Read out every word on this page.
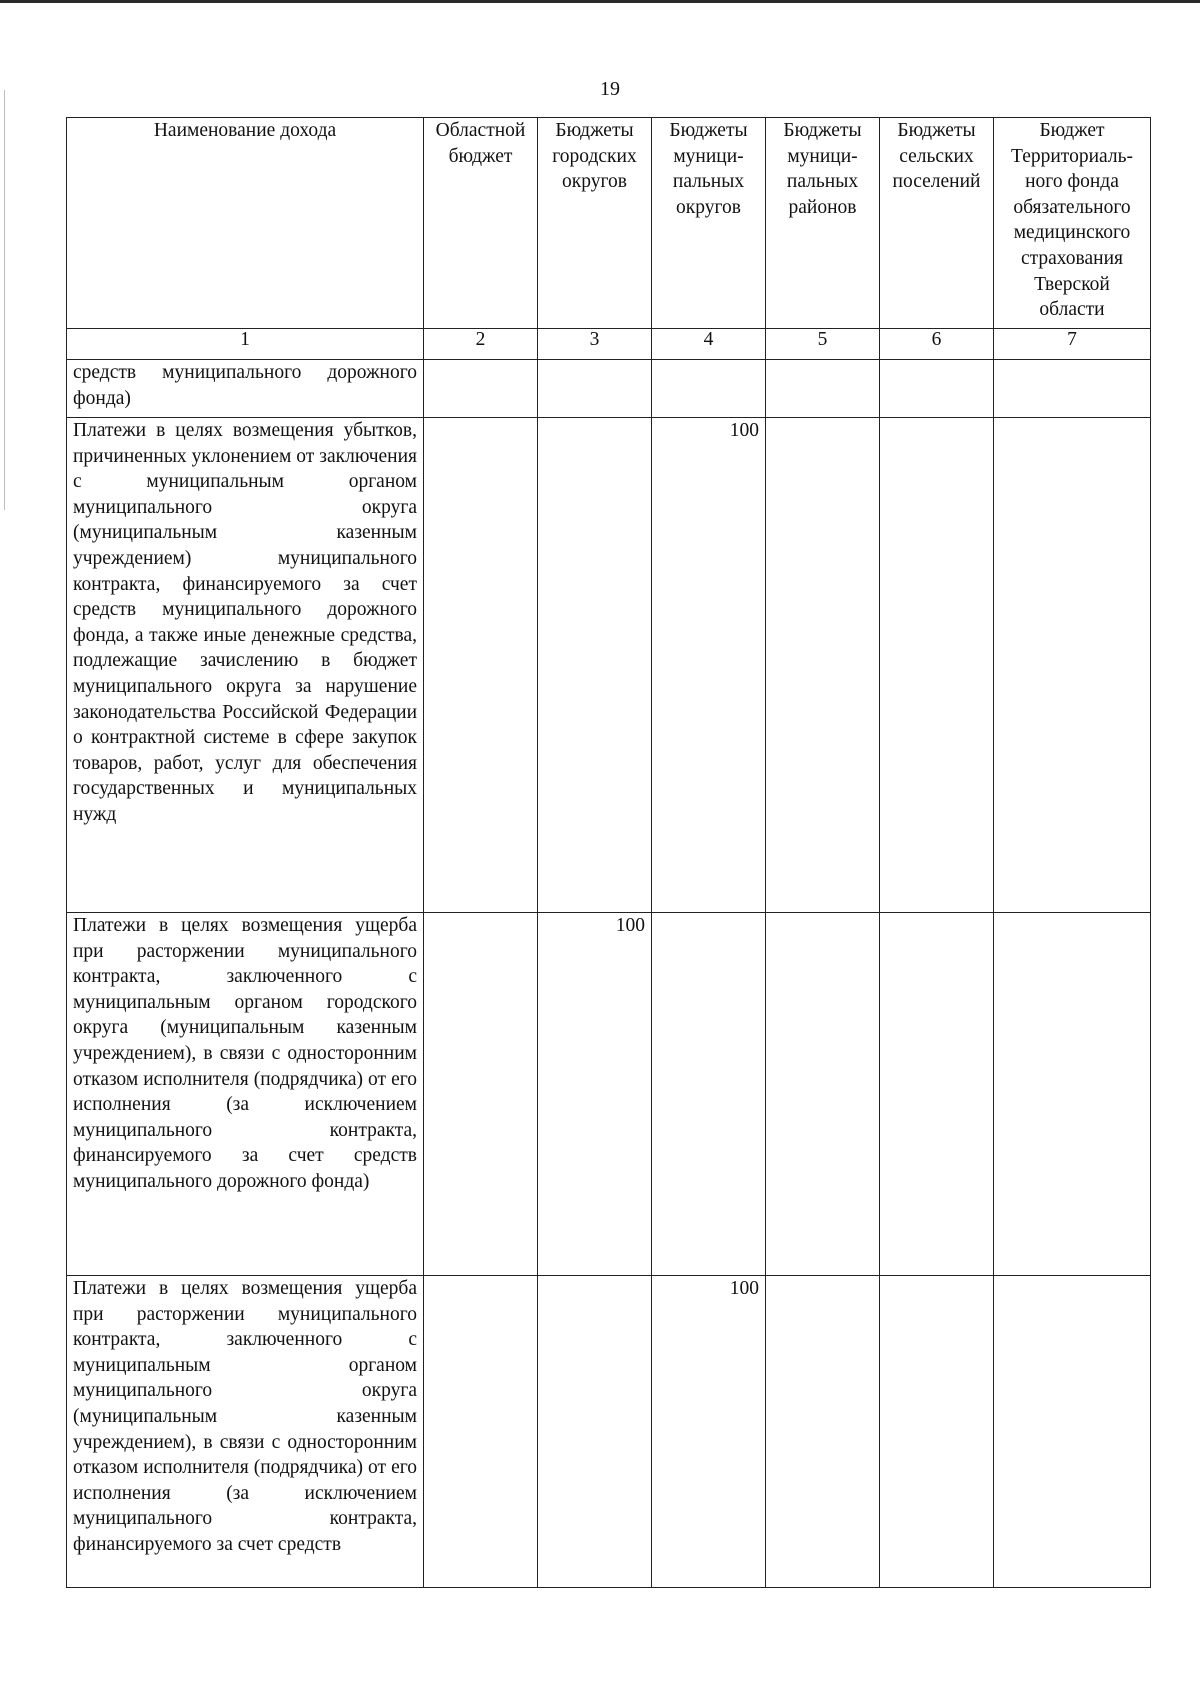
19
Наименование дохода	Областной бюджет	Бюджеты городских округов	Бюджеты муници-пальных округов	Бюджеты муници-пальных районов	Бюджеты сельских поселений	Бюджет Территориаль-ного фонда обязательного медицинского страхования Тверской области
1	2	3	4	5	6	7
средств муниципального дорожного фонда)						
Платежи в целях возмещения убытков, причиненных уклонением от заключения с муниципальным органом муниципального округа (муниципальным казенным учреждением) муниципального контракта, финансируемого за счет средств муниципального дорожного фонда, а также иные денежные средства, подлежащие зачислению в бюджет муниципального округа за нарушение законодательства Российской Федерации о контрактной системе в сфере закупок товаров, работ, услуг для обеспечения государственных и муниципальных нужд			100			
Платежи в целях возмещения ущерба при расторжении муниципального контракта, заключенного с муниципальным органом городского округа (муниципальным казенным учреждением), в связи с односторонним отказом исполнителя (подрядчика) от его исполнения (за исключением муниципального контракта, финансируемого за счет средств муниципального дорожного фонда)		100				
Платежи в целях возмещения ущерба при расторжении муниципального контракта, заключенного с муниципальным органом муниципального округа (муниципальным казенным учреждением), в связи с односторонним отказом исполнителя (подрядчика) от его исполнения (за исключением муниципального контракта, финансируемого за счет средств			100			
